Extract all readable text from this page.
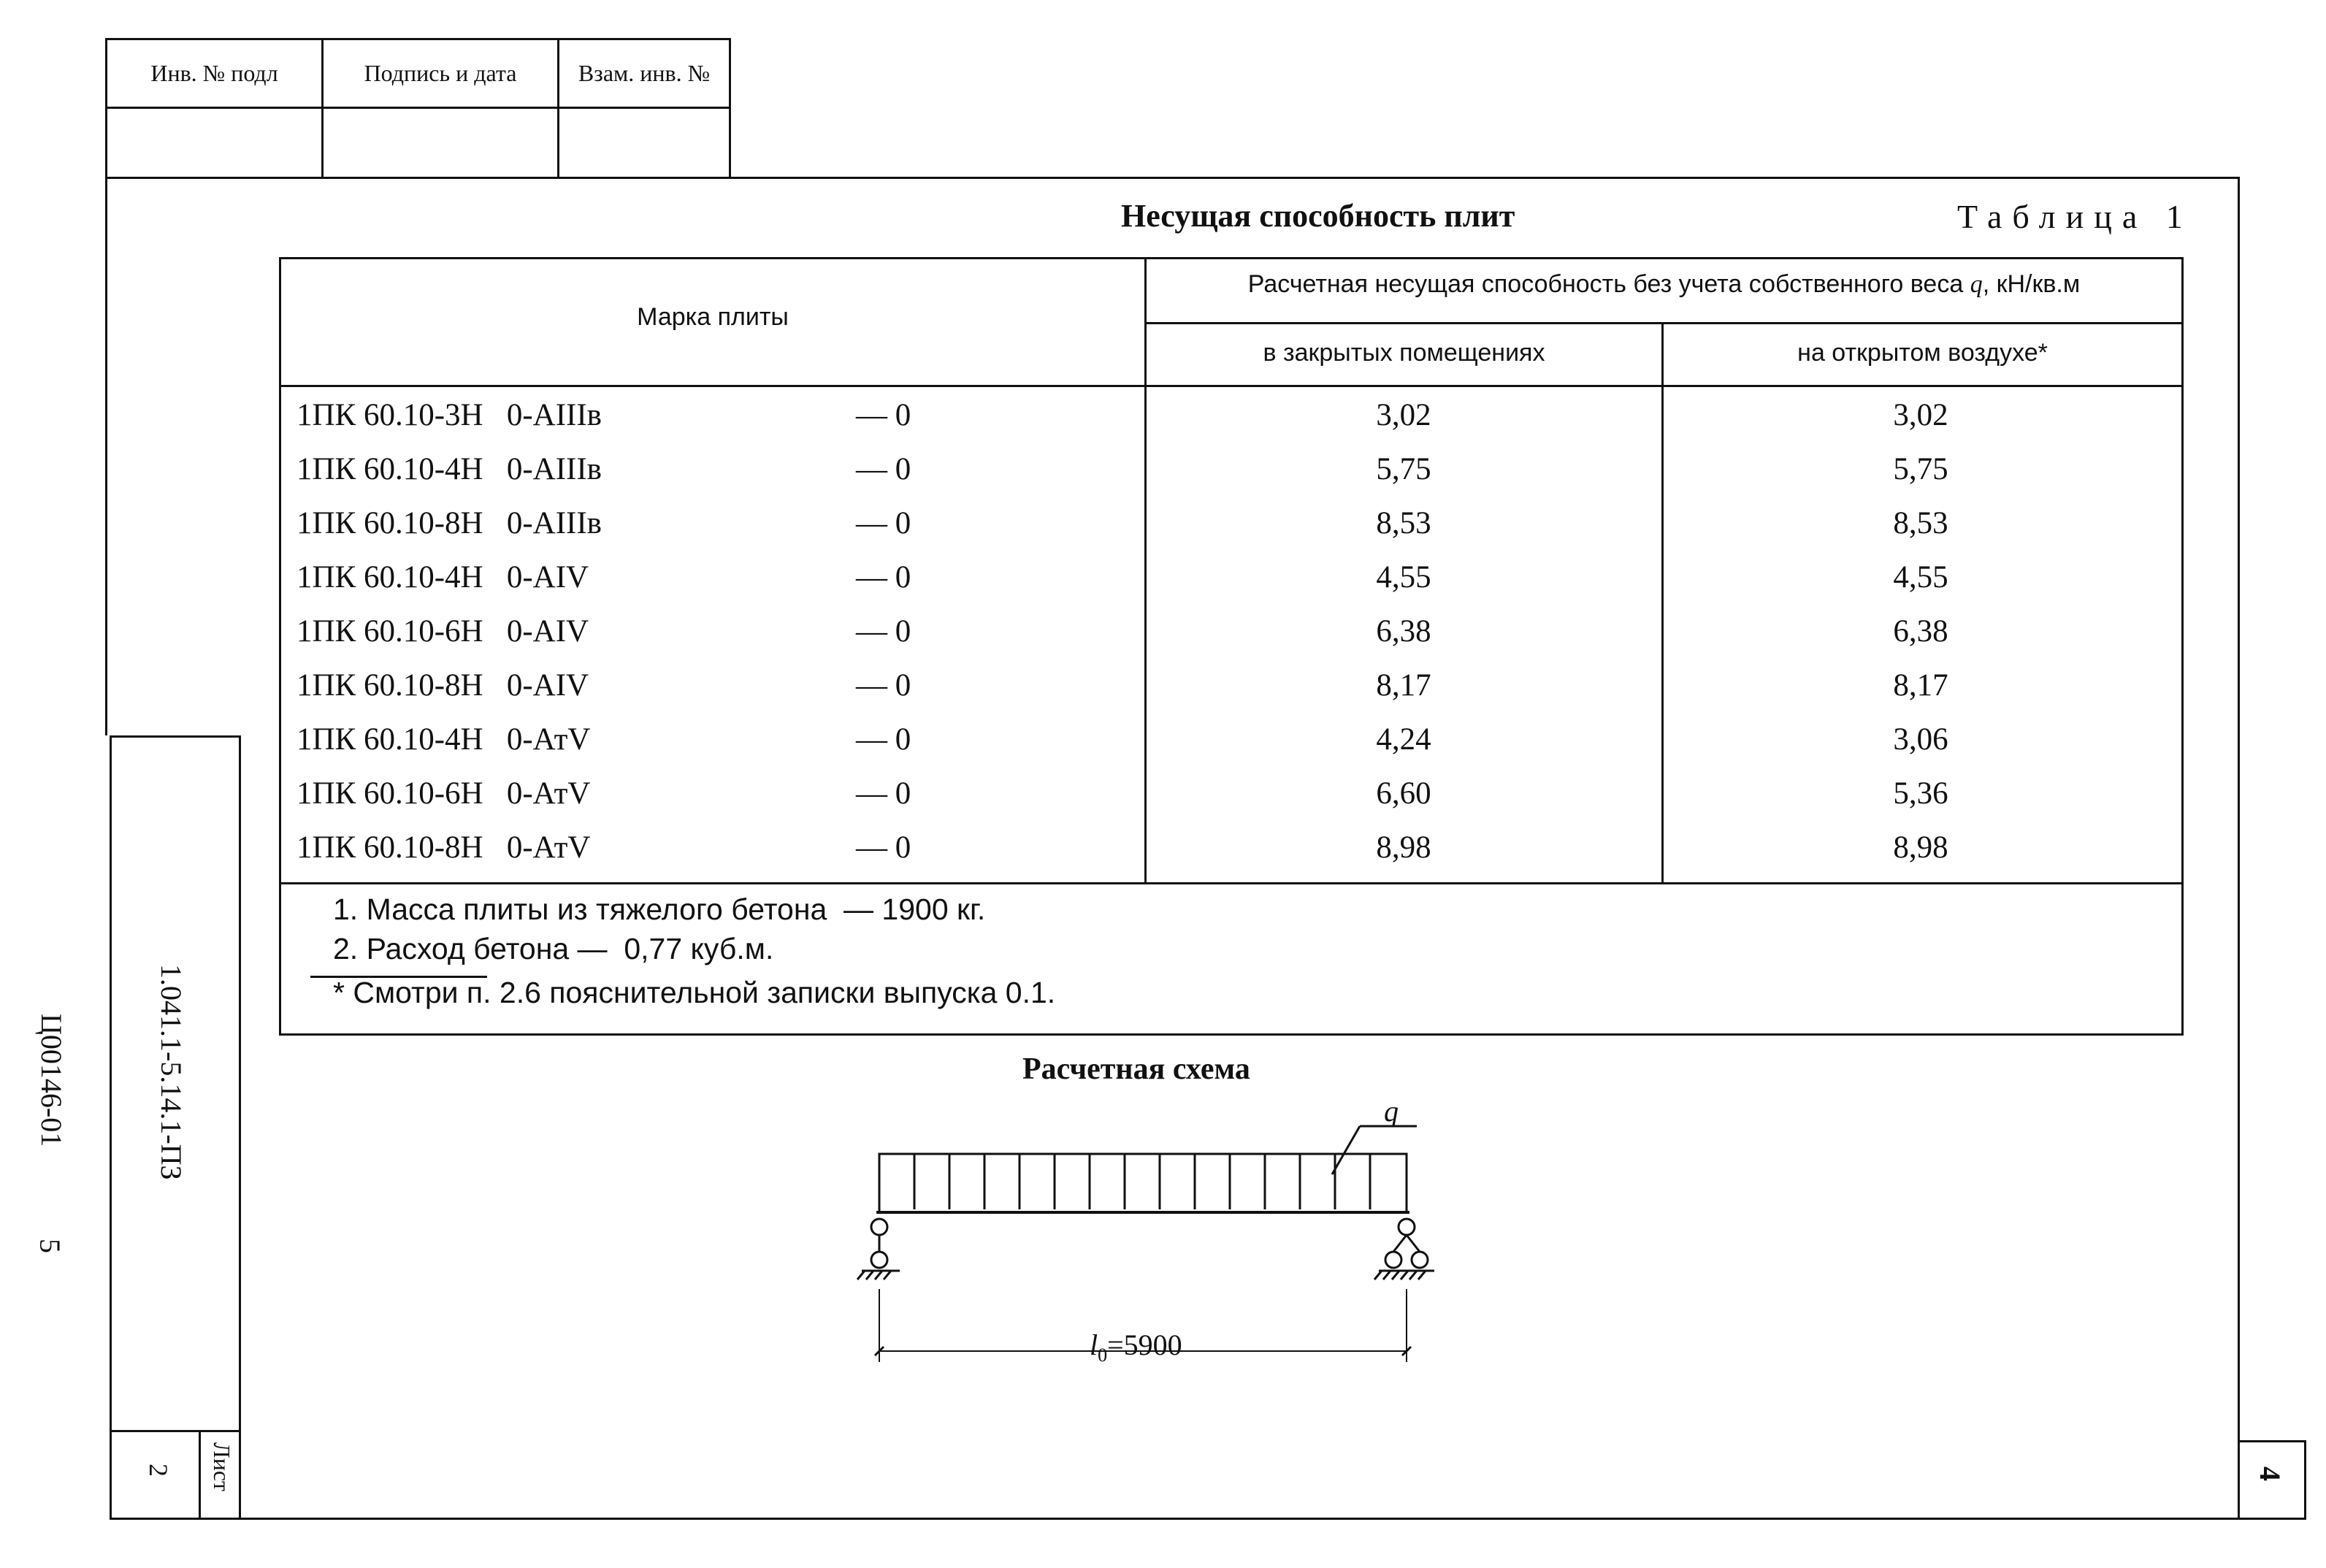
Инв. № подл	Подпись и дата	Взам. инв. №
1.041.1-5.14.1-ПЗ
Ц00146-01
5
Лист
2	4
Несущая способность плит	Таблица 1
Марка плиты
Расчетная несущая способность без учета собственного веса q, кН/кв.м
в закрытых помещениях	на открытом воздухе*
1ПК 60.10-3Н   0-АIIIв	— 0	3,02	3,02
1ПК 60.10-4Н   0-АIIIв	— 0	5,75	5,75
1ПК 60.10-8Н   0-АIIIв	— 0	8,53	8,53
1ПК 60.10-4Н   0-АIV	— 0	4,55	4,55
1ПК 60.10-6Н   0-АIV	— 0	6,38	6,38
1ПК 60.10-8Н   0-АIV	— 0	8,17	8,17
1ПК 60.10-4Н   0-АтV	— 0	4,24	3,06
1ПК 60.10-6Н   0-АтV	— 0	6,60	5,36
1ПК 60.10-8Н   0-АтV	— 0	8,98	8,98
1. Масса плиты из тяжелого бетона  — 1900 кг.
2. Расход бетона —  0,77 куб.м.
* Смотри п. 2.6 пояснительной записки выпуска 0.1.
Расчетная схема
q
$l_0=5900$
